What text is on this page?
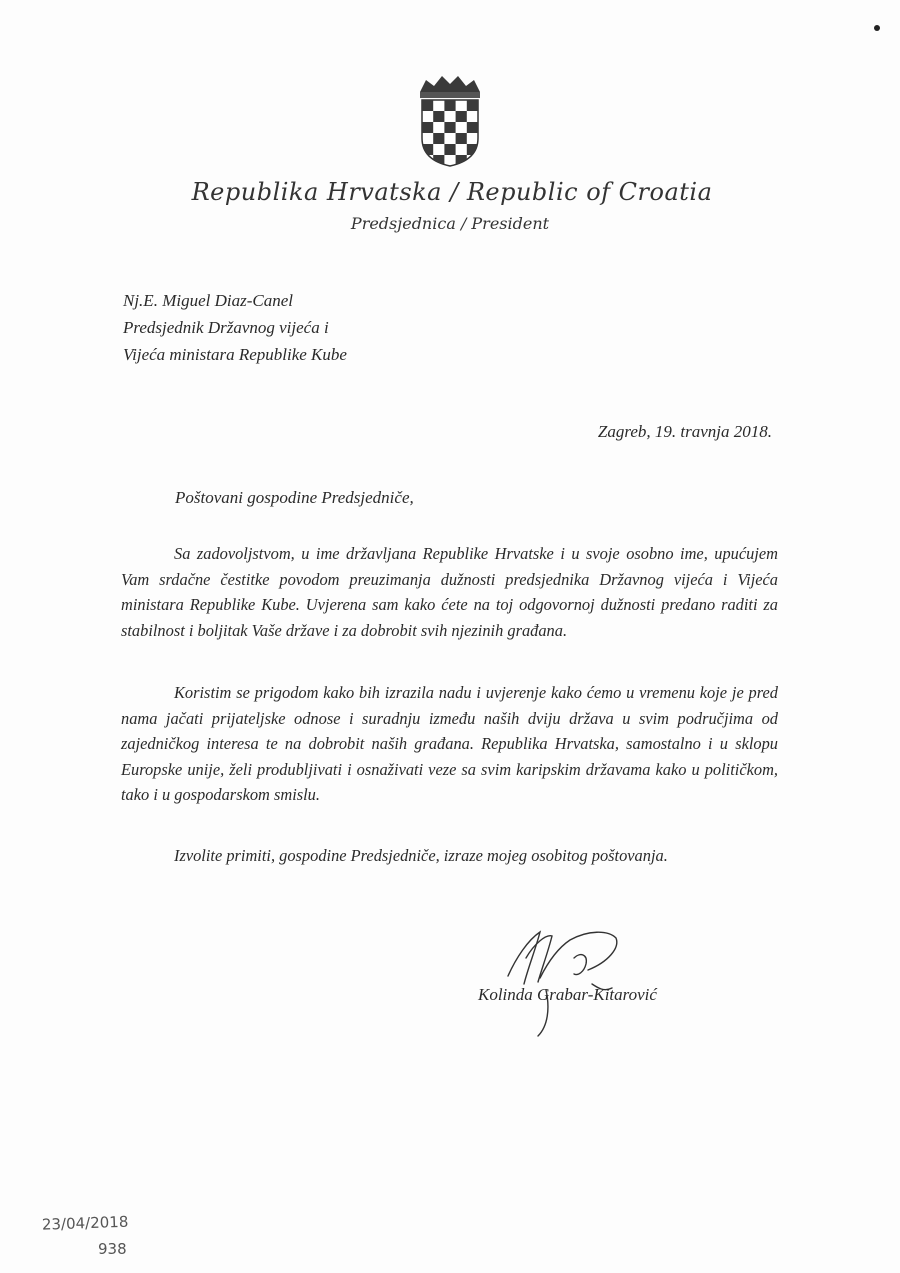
Republika Hrvatska / Republic of Croatia
Predsjednica / President
Nj.E. Miguel Diaz-Canel
Predsjednik Državnog vijeća i
Vijeća ministara Republike Kube
Zagreb, 19. travnja 2018.
Poštovani gospodine Predsjedniče,
Sa zadovoljstvom, u ime državljana Republike Hrvatske i u svoje osobno ime, upućujem Vam srdačne čestitke povodom preuzimanja dužnosti predsjednika Državnog vijeća i Vijeća ministara Republike Kube. Uvjerena sam kako ćete na toj odgovornoj dužnosti predano raditi za stabilnost i boljitak Vaše države i za dobrobit svih njezinih građana.
Koristim se prigodom kako bih izrazila nadu i uvjerenje kako ćemo u vremenu koje je pred nama jačati prijateljske odnose i suradnju između naših dviju država u svim područjima od zajedničkog interesa te na dobrobit naših građana. Republika Hrvatska, samostalno i u sklopu Europske unije, želi produbljivati i osnaživati veze sa svim karipskim državama kako u političkom, tako i u gospodarskom smislu.
Izvolite primiti, gospodine Predsjedniče, izraze mojeg osobitog poštovanja.
Kolinda Grabar-Kitarović
23/04/2018
938
